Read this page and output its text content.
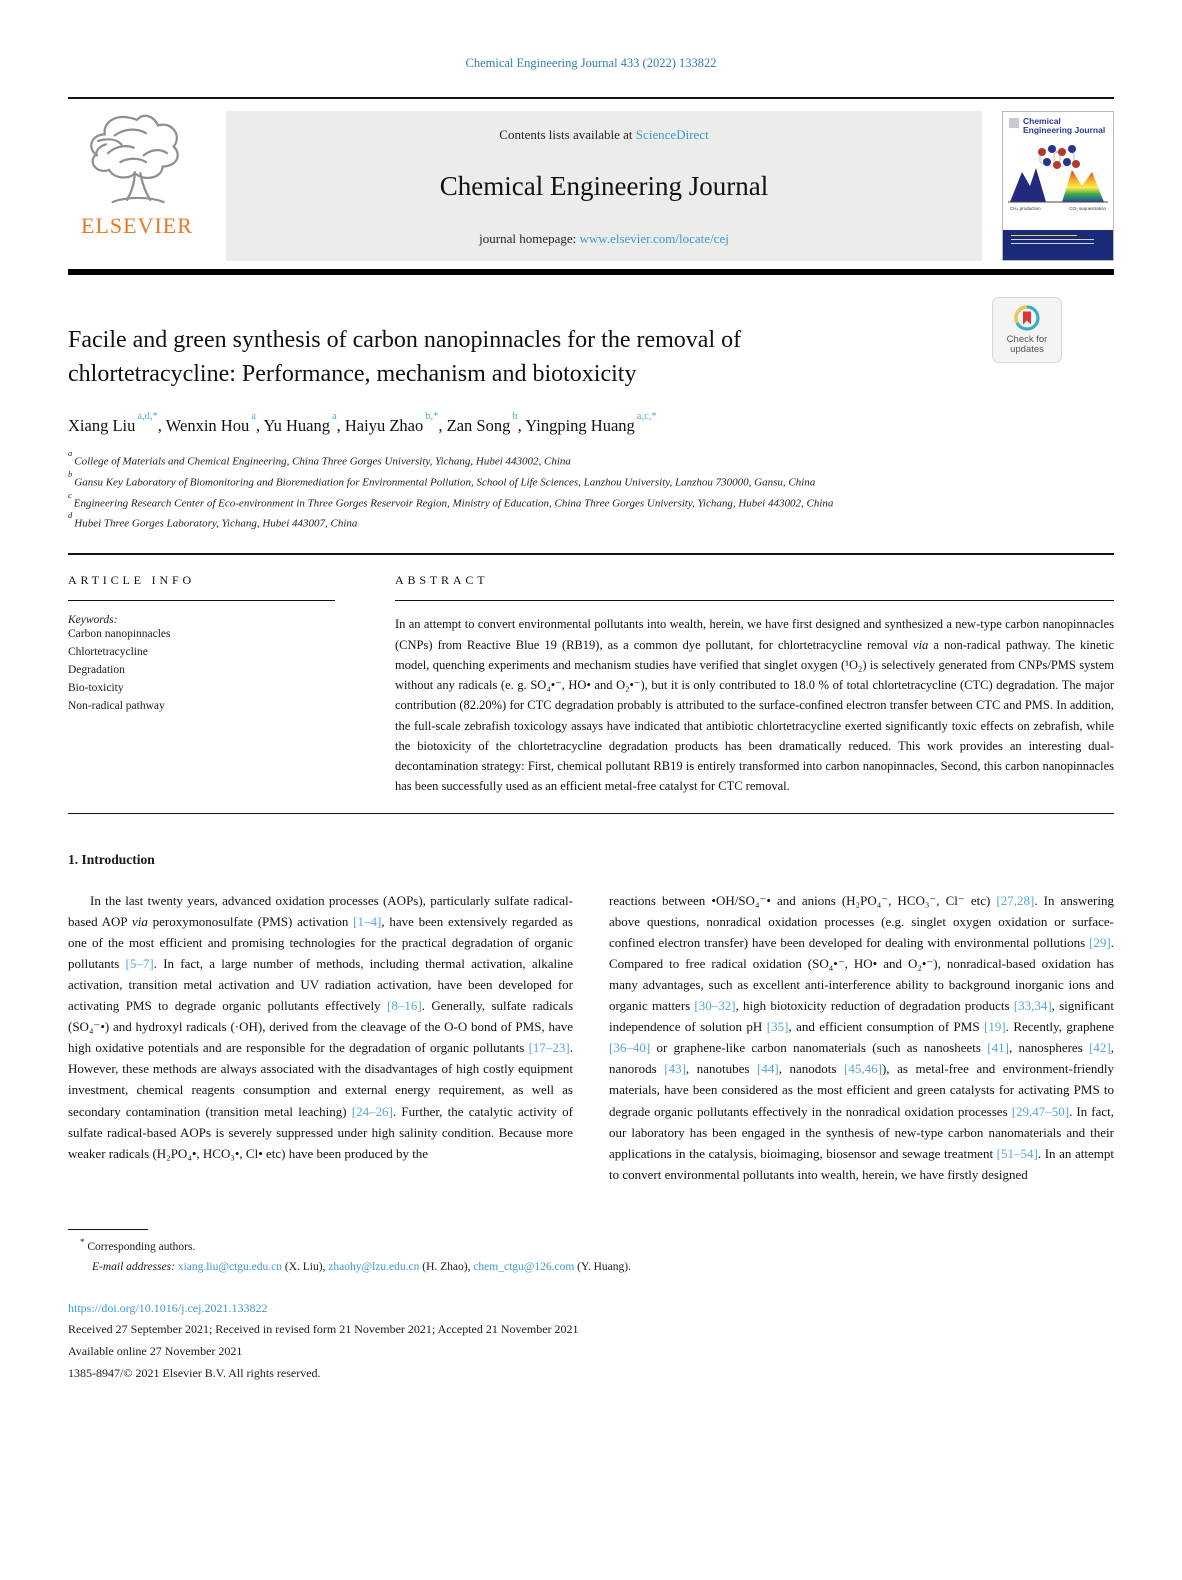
Chemical Engineering Journal 433 (2022) 133822
ELSEVIER
Contents lists available at ScienceDirect
Chemical Engineering Journal
journal homepage: www.elsevier.com/locate/cej
Chemical Engineering Journal
CH₄ production	CO₂ sequestration
Facile and green synthesis of carbon nanopinnacles for the removal of chlortetracycline: Performance, mechanism and biotoxicity
Check for
updates
Xiang Liu $^{a,d,*}$, Wenxin Hou $^a$, Yu Huang $^a$, Haiyu Zhao $^{b,*}$, Zan Song $^b$, Yingping Huang $^{a,c,*}$
$^a$College of Materials and Chemical Engineering, China Three Gorges University, Yichang, Hubei 443002, China
$^b$Gansu Key Laboratory of Biomonitoring and Bioremediation for Environmental Pollution, School of Life Sciences, Lanzhou University, Lanzhou 730000, Gansu, China
$^c$Engineering Research Center of Eco-environment in Three Gorges Reservoir Region, Ministry of Education, China Three Gorges University, Yichang, Hubei 443002, China
$^d$Hubei Three Gorges Laboratory, Yichang, Hubei 443007, China
ARTICLE INFO
Keywords:
Carbon nanopinnacles
Chlortetracycline
Degradation
Bio-toxicity
Non-radical pathway
ABSTRACT
In an attempt to convert environmental pollutants into wealth, herein, we have first designed and synthesized a new-type carbon nanopinnacles (CNPs) from Reactive Blue 19 (RB19), as a common dye pollutant, for chlortetracycline removal via a non-radical pathway. The kinetic model, quenching experiments and mechanism studies have verified that singlet oxygen (¹O₂) is selectively generated from CNPs/PMS system without any radicals (e. g. SO₄•⁻, HO• and O₂•⁻), but it is only contributed to 18.0 % of total chlortetracycline (CTC) degradation. The major contribution (82.20%) for CTC degradation probably is attributed to the surface-confined electron transfer between CTC and PMS. In addition, the full-scale zebrafish toxicology assays have indicated that antibiotic chlortetracycline exerted significantly toxic effects on zebrafish, while the biotoxicity of the chlortetracycline degradation products has been dramatically reduced. This work provides an interesting dual-decontamination strategy: First, chemical pollutant RB19 is entirely transformed into carbon nanopinnacles, Second, this carbon nanopinnacles has been successfully used as an efficient metal-free catalyst for CTC removal.
1. Introduction
In the last twenty years, advanced oxidation processes (AOPs), particularly sulfate radical-based AOP via peroxymonosulfate (PMS) activation [1–4], have been extensively regarded as one of the most efficient and promising technologies for the practical degradation of organic pollutants [5–7]. In fact, a large number of methods, including thermal activation, alkaline activation, transition metal activation and UV radiation activation, have been developed for activating PMS to degrade organic pollutants effectively [8–16]. Generally, sulfate radicals (SO₄⁻•) and hydroxyl radicals (·OH), derived from the cleavage of the O-O bond of PMS, have high oxidative potentials and are responsible for the degradation of organic pollutants [17–23]. However, these methods are always associated with the disadvantages of high costly equipment investment, chemical reagents consumption and external energy requirement, as well as secondary contamination (transition metal leaching) [24–26]. Further, the catalytic activity of sulfate radical-based AOPs is severely suppressed under high salinity condition. Because more weaker radicals (H₂PO₄•, HCO₃•, Cl• etc) have been produced by the
reactions between •OH/SO₄⁻• and anions (H₂PO₄⁻, HCO₃⁻, Cl⁻ etc) [27,28]. In answering above questions, nonradical oxidation processes (e.g. singlet oxygen oxidation or surface-confined electron transfer) have been developed for dealing with environmental pollutions [29]. Compared to free radical oxidation (SO₄•⁻, HO• and O₂•⁻), nonradical-based oxidation has many advantages, such as excellent anti-interference ability to background inorganic ions and organic matters [30–32], high biotoxicity reduction of degradation products [33,34], significant independence of solution pH [35], and efficient consumption of PMS [19]. Recently, graphene [36–40] or graphene-like carbon nanomaterials (such as nanosheets [41], nanospheres [42], nanorods [43], nanotubes [44], nanodots [45,46]), as metal-free and environment-friendly materials, have been considered as the most efficient and green catalysts for activating PMS to degrade organic pollutants effectively in the nonradical oxidation processes [29,47–50]. In fact, our laboratory has been engaged in the synthesis of new-type carbon nanomaterials and their applications in the catalysis, bioimaging, biosensor and sewage treatment [51–54]. In an attempt to convert environmental pollutants into wealth, herein, we have firstly designed
* Corresponding authors.
E-mail addresses: xiang.liu@ctgu.edu.cn (X. Liu), zhaohy@lzu.edu.cn (H. Zhao), chem_ctgu@126.com (Y. Huang).
https://doi.org/10.1016/j.cej.2021.133822
Received 27 September 2021; Received in revised form 21 November 2021; Accepted 21 November 2021
Available online 27 November 2021
1385-8947/© 2021 Elsevier B.V. All rights reserved.
